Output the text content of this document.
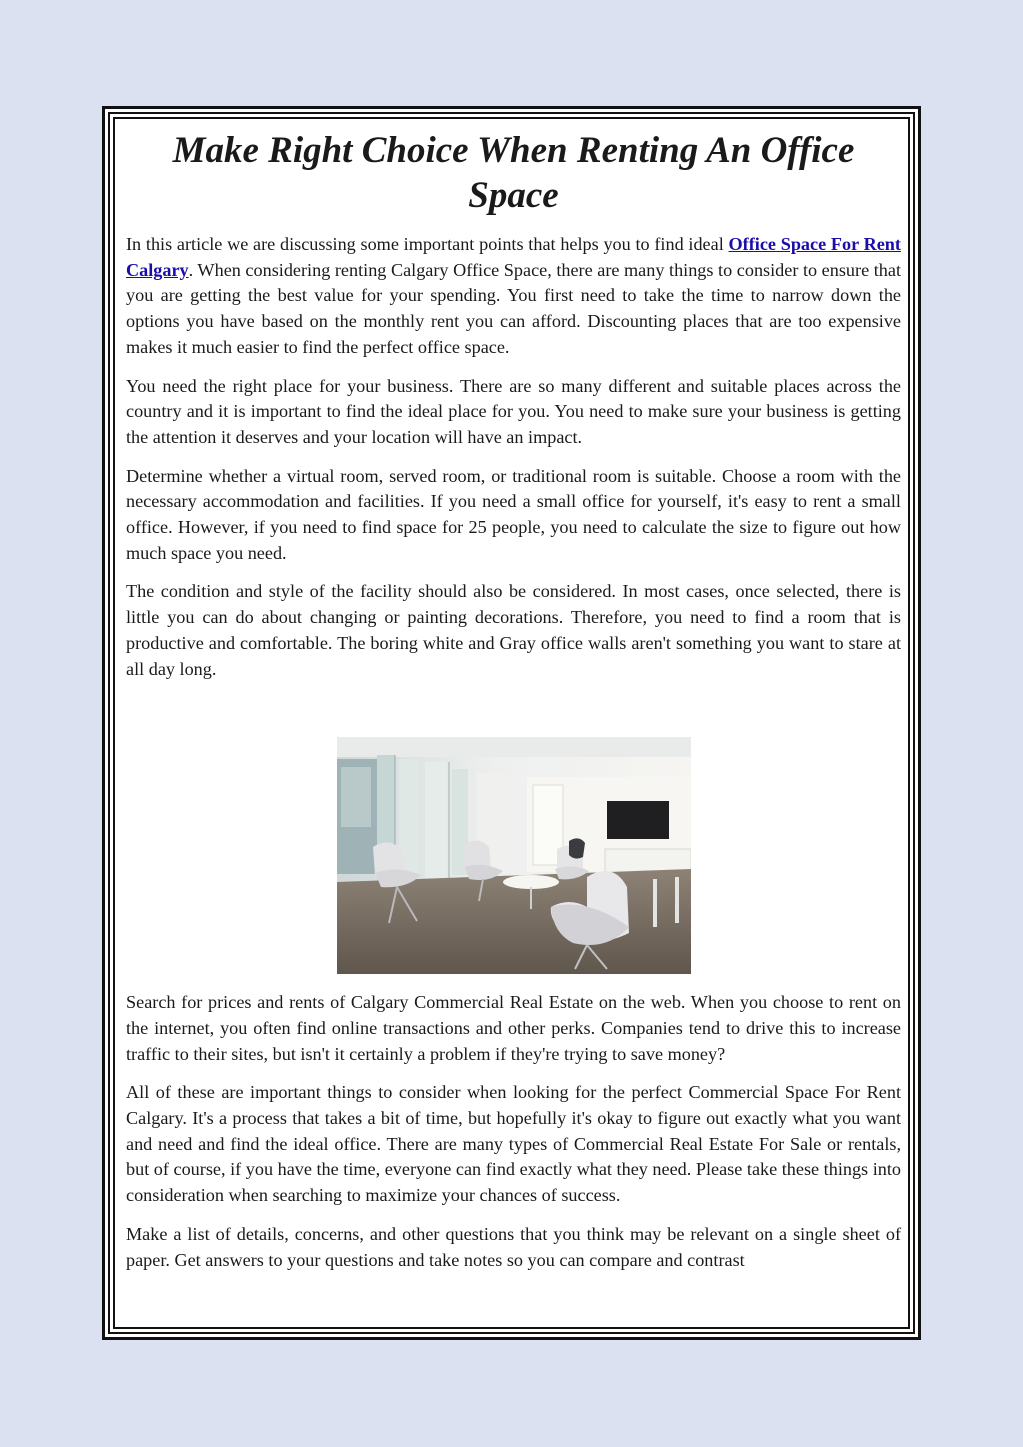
Make Right Choice When Renting An Office Space

In this article we are discussing some important points that helps you to find ideal Office Space For Rent Calgary. When considering renting Calgary Office Space, there are many things to consider to ensure that you are getting the best value for your spending. You first need to take the time to narrow down the options you have based on the monthly rent you can afford. Discounting places that are too expensive makes it much easier to find the perfect office space.

You need the right place for your business. There are so many different and suitable places across the country and it is important to find the ideal place for you. You need to make sure your business is getting the attention it deserves and your location will have an impact.

Determine whether a virtual room, served room, or traditional room is suitable. Choose a room with the necessary accommodation and facilities. If you need a small office for yourself, it's easy to rent a small office. However, if you need to find space for 25 people, you need to calculate the size to figure out how much space you need.

The condition and style of the facility should also be considered. In most cases, once selected, there is little you can do about changing or painting decorations. Therefore, you need to find a room that is productive and comfortable. The boring white and Gray office walls aren't something you want to stare at all day long.

Search for prices and rents of Calgary Commercial Real Estate on the web. When you choose to rent on the internet, you often find online transactions and other perks. Companies tend to drive this to increase traffic to their sites, but isn't it certainly a problem if they're trying to save money?

All of these are important things to consider when looking for the perfect Commercial Space For Rent Calgary. It's a process that takes a bit of time, but hopefully it's okay to figure out exactly what you want and need and find the ideal office. There are many types of Commercial Real Estate For Sale or rentals, but of course, if you have the time, everyone can find exactly what they need. Please take these things into consideration when searching to maximize your chances of success.

Make a list of details, concerns, and other questions that you think may be relevant on a single sheet of paper. Get answers to your questions and take notes so you can compare and contrast
